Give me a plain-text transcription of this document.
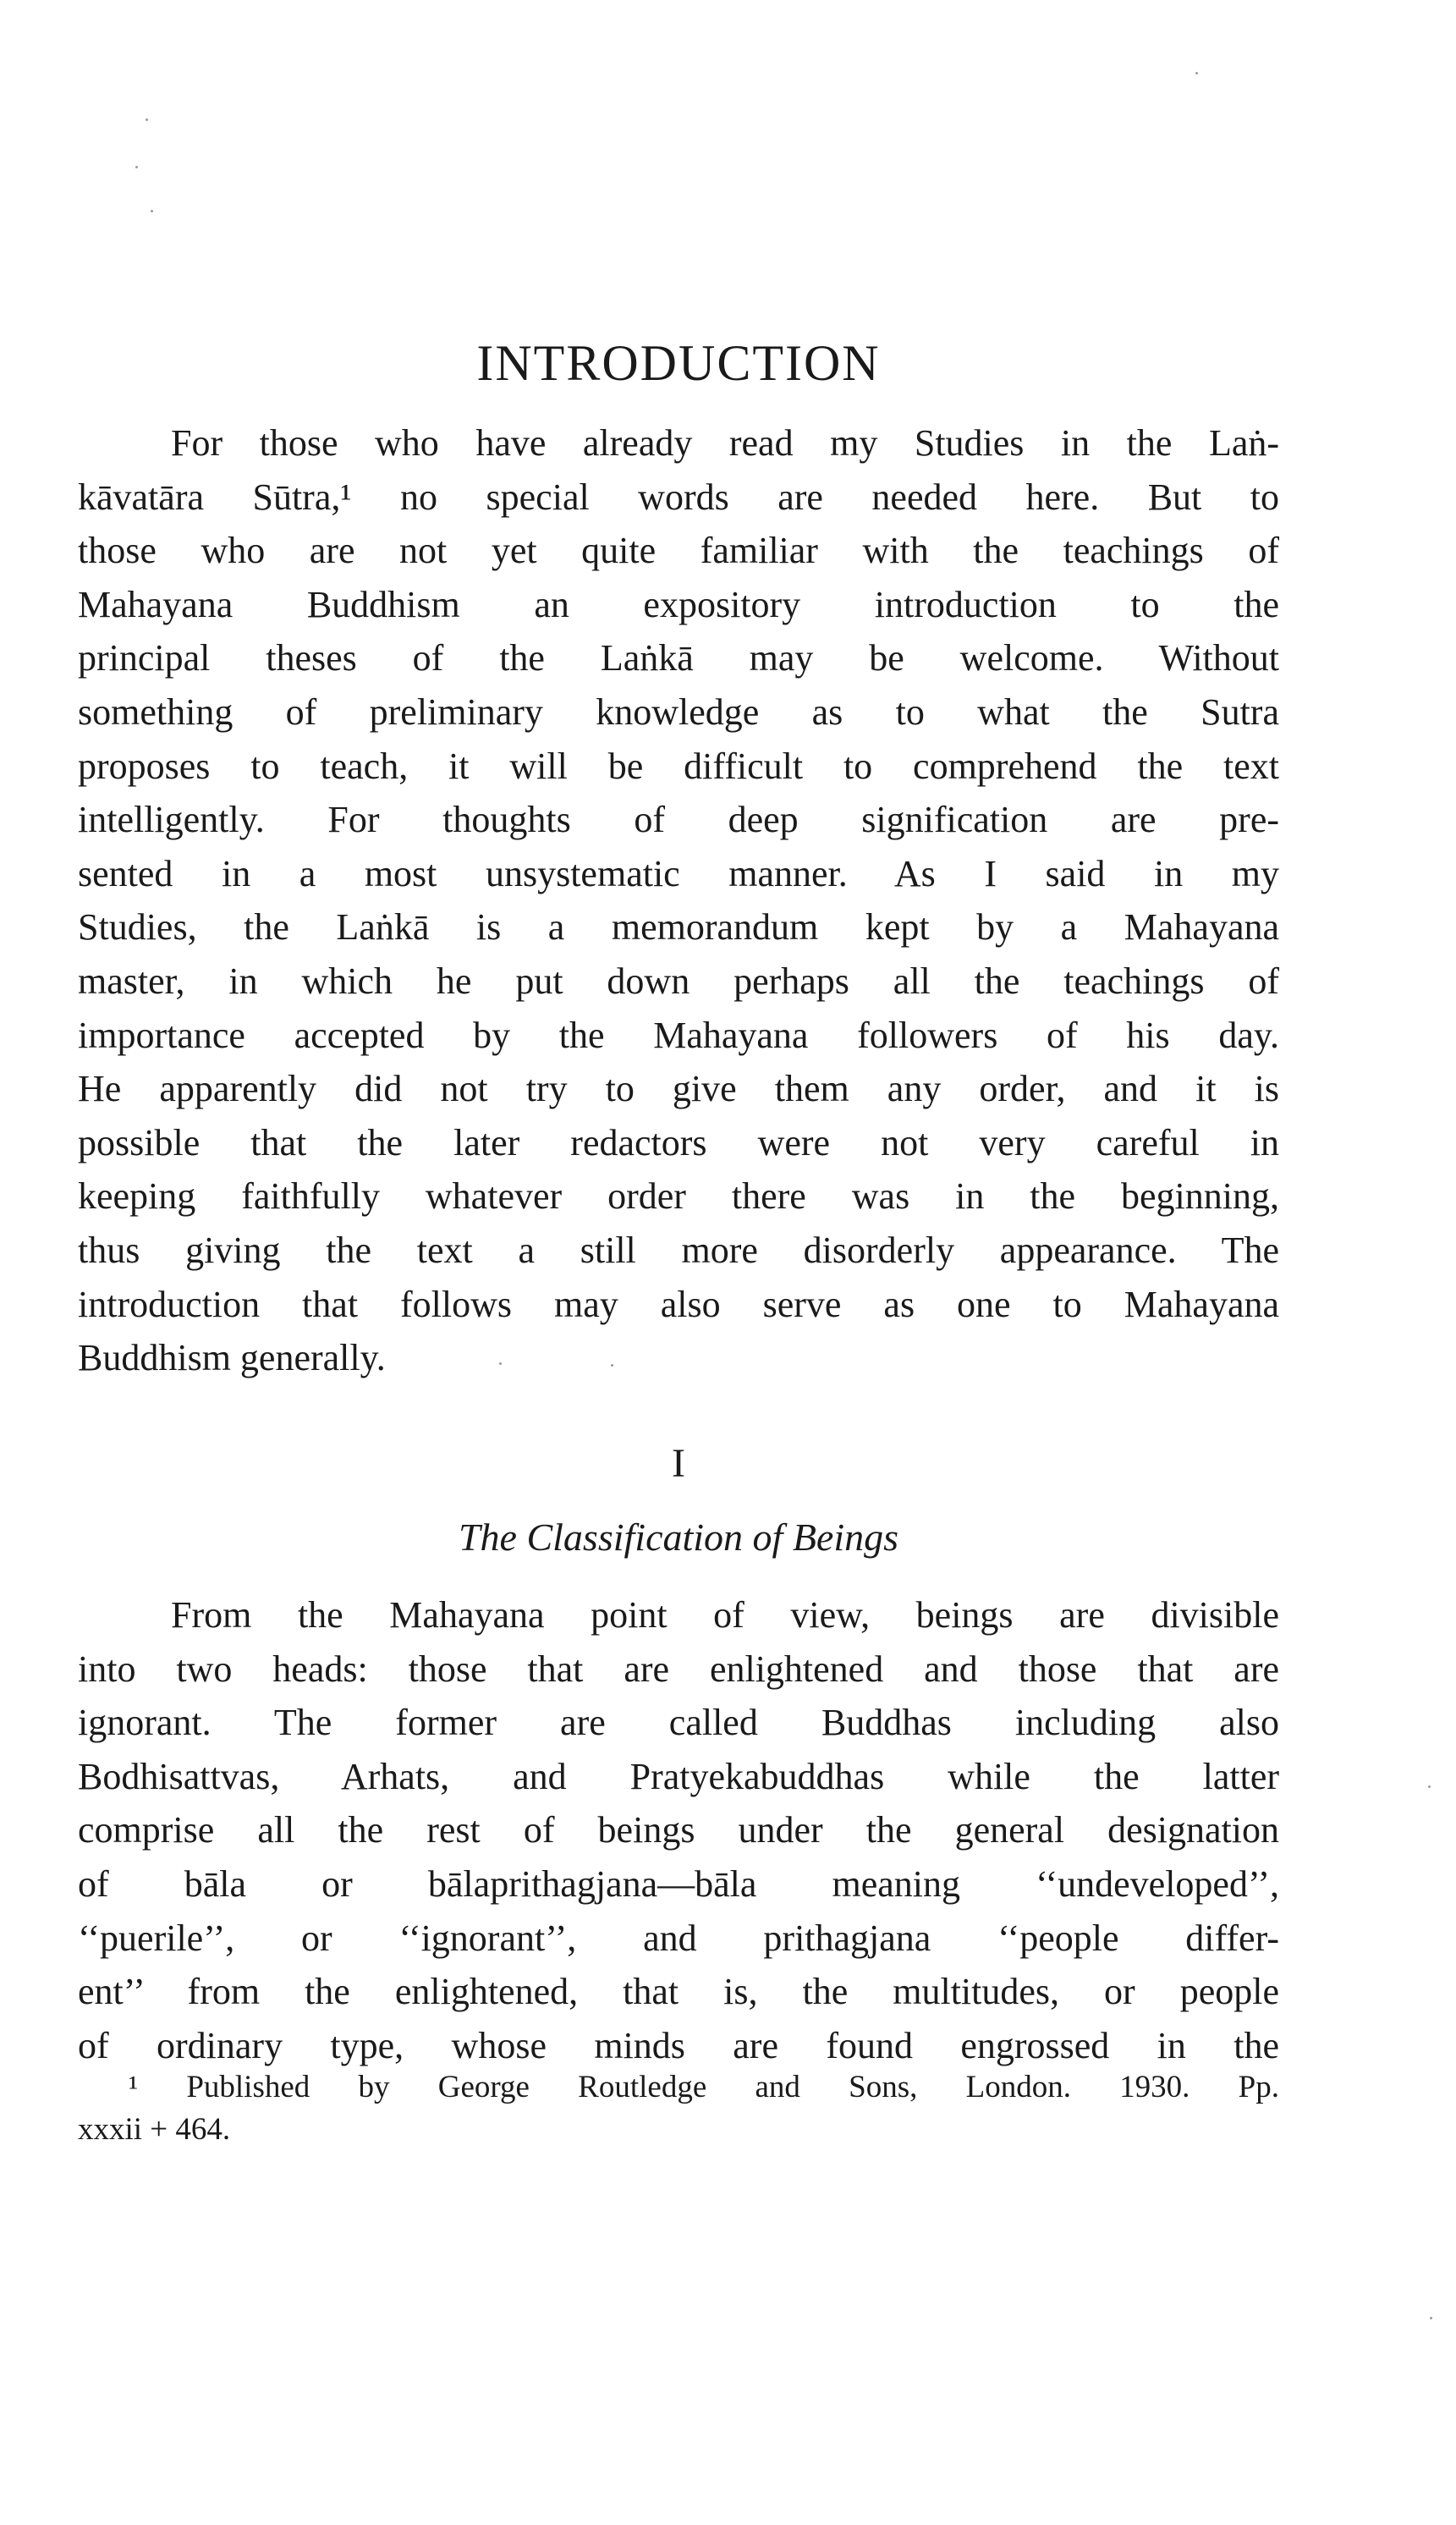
INTRODUCTION
For those who have already read my Studies in the Laṅ-
kāvatāra Sūtra,¹ no special words are needed here. But to
those who are not yet quite familiar with the teachings of
Mahayana Buddhism an expository introduction to the
principal theses of the Laṅkā may be welcome. Without
something of preliminary knowledge as to what the Sutra
proposes to teach, it will be difficult to comprehend the text
intelligently. For thoughts of deep signification are pre-
sented in a most unsystematic manner. As I said in my
Studies, the Laṅkā is a memorandum kept by a Mahayana
master, in which he put down perhaps all the teachings of
importance accepted by the Mahayana followers of his day.
He apparently did not try to give them any order, and it is
possible that the later redactors were not very careful in
keeping faithfully whatever order there was in the beginning,
thus giving the text a still more disorderly appearance. The
introduction that follows may also serve as one to Mahayana
Buddhism generally.
I
The Classification of Beings
From the Mahayana point of view, beings are divisible
into two heads: those that are enlightened and those that are
ignorant. The former are called Buddhas including also
Bodhisattvas, Arhats, and Pratyekabuddhas while the latter
comprise all the rest of beings under the general designation
of bāla or bālaprithagjana—bāla meaning ‘‘undeveloped’’,
‘‘puerile’’, or ‘‘ignorant’’, and prithagjana ‘‘people differ-
ent’’ from the enlightened, that is, the multitudes, or people
of ordinary type, whose minds are found engrossed in the
¹ Published by George Routledge and Sons, London. 1930. Pp.
xxxii + 464.
